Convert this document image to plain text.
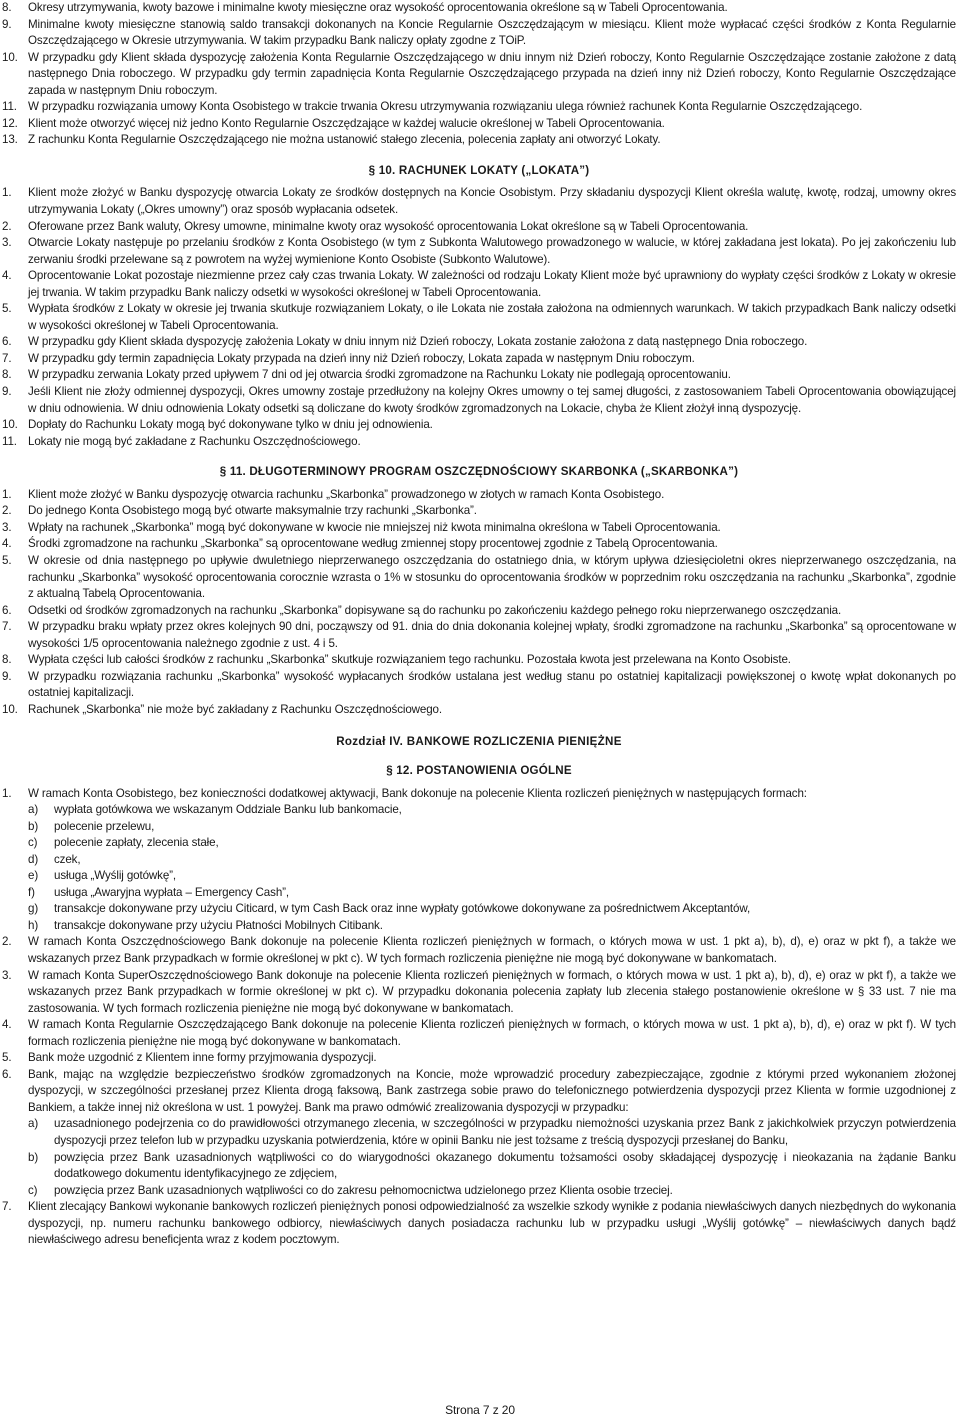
8.	Okresy utrzymywania, kwoty bazowe i minimalne kwoty miesięczne oraz wysokość oprocentowania określone są w Tabeli Oprocentowania.
9.	Minimalne kwoty miesięczne stanowią saldo transakcji dokonanych na Koncie Regularnie Oszczędzającym w miesiącu. Klient może wypłacać części środków z Konta Regularnie Oszczędzającego w Okresie utrzymywania. W takim przypadku Bank naliczy opłaty zgodne z TOiP.
10. W przypadku gdy Klient składa dyspozycję założenia Konta Regularnie Oszczędzającego w dniu innym niż Dzień roboczy, Konto Regularnie Oszczędzające zostanie założone z datą następnego Dnia roboczego. W przypadku gdy termin zapadnięcia Konta Regularnie Oszczędzającego przypada na dzień inny niż Dzień roboczy, Konto Regularnie Oszczędzające zapada w następnym Dniu roboczym.
11. W przypadku rozwiązania umowy Konta Osobistego w trakcie trwania Okresu utrzymywania rozwiązaniu ulega również rachunek Konta Regularnie Oszczędzającego.
12. Klient może otworzyć więcej niż jedno Konto Regularnie Oszczędzające w każdej walucie określonej w Tabeli Oprocentowania.
13. Z rachunku Konta Regularnie Oszczędzającego nie można ustanowić stałego zlecenia, polecenia zapłaty ani otworzyć Lokaty.
§ 10. RACHUNEK LOKATY („LOKATA”)
1.	Klient może złożyć w Banku dyspozycję otwarcia Lokaty ze środków dostępnych na Koncie Osobistym. Przy składaniu dyspozycji Klient określa walutę, kwotę, rodzaj, umowny okres utrzymywania Lokaty („Okres umowny”) oraz sposób wypłacania odsetek.
2.	Oferowane przez Bank waluty, Okresy umowne, minimalne kwoty oraz wysokość oprocentowania Lokat określone są w Tabeli Oprocentowania.
3.	Otwarcie Lokaty następuje po przelaniu środków z Konta Osobistego (w tym z Subkonta Walutowego prowadzonego w walucie, w której zakładana jest lokata). Po jej zakończeniu lub zerwaniu środki przelewane są z powrotem na wyżej wymienione Konto Osobiste (Subkonto Walutowe).
4.	Oprocentowanie Lokat pozostaje niezmienne przez cały czas trwania Lokaty. W zależności od rodzaju Lokaty Klient może być uprawniony do wypłaty części środków z Lokaty w okresie jej trwania. W takim przypadku Bank naliczy odsetki w wysokości określonej w Tabeli Oprocentowania.
5.	Wypłata środków z Lokaty w okresie jej trwania skutkuje rozwiązaniem Lokaty, o ile Lokata nie została założona na odmiennych warunkach. W takich przypadkach Bank naliczy odsetki w wysokości określonej w Tabeli Oprocentowania.
6.	W przypadku gdy Klient składa dyspozycję założenia Lokaty w dniu innym niż Dzień roboczy, Lokata zostanie założona z datą następnego Dnia roboczego.
7.	W przypadku gdy termin zapadnięcia Lokaty przypada na dzień inny niż Dzień roboczy, Lokata zapada w następnym Dniu roboczym.
8.	W przypadku zerwania Lokaty przed upływem 7 dni od jej otwarcia środki zgromadzone na Rachunku Lokaty nie podlegają oprocentowaniu.
9.	Jeśli Klient nie złoży odmiennej dyspozycji, Okres umowny zostaje przedłużony na kolejny Okres umowny o tej samej długości, z zastosowaniem Tabeli Oprocentowania obowiązującej w dniu odnowienia. W dniu odnowienia Lokaty odsetki są doliczane do kwoty środków zgromadzonych na Lokacie, chyba że Klient złożył inną dyspozycję.
10. Dopłaty do Rachunku Lokaty mogą być dokonywane tylko w dniu jej odnowienia.
11. Lokaty nie mogą być zakładane z Rachunku Oszczędnościowego.
§ 11. DŁUGOTERMINOWY PROGRAM OSZCZĘDNOŚCIOWY SKARBONKA („SKARBONKA”)
1.	Klient może złożyć w Banku dyspozycję otwarcia rachunku „Skarbonka” prowadzonego w złotych w ramach Konta Osobistego.
2.	Do jednego Konta Osobistego mogą być otwarte maksymalnie trzy rachunki „Skarbonka”.
3.	Wpłaty na rachunek „Skarbonka” mogą być dokonywane w kwocie nie mniejszej niż kwota minimalna określona w Tabeli Oprocentowania.
4.	Środki zgromadzone na rachunku „Skarbonka” są oprocentowane według zmiennej stopy procentowej zgodnie z Tabelą Oprocentowania.
5.	W okresie od dnia następnego po upływie dwuletniego nieprzerwanego oszczędzania do ostatniego dnia, w którym upływa dziesięcioletni okres nieprzerwanego oszczędzania, na rachunku „Skarbonka” wysokość oprocentowania corocznie wzrasta o 1% w stosunku do oprocentowania środków w poprzednim roku oszczędzania na rachunku „Skarbonka”, zgodnie z aktualną Tabelą Oprocentowania.
6.	Odsetki od środków zgromadzonych na rachunku „Skarbonka” dopisywane są do rachunku po zakończeniu każdego pełnego roku nieprzerwanego oszczędzania.
7.	W przypadku braku wpłaty przez okres kolejnych 90 dni, począwszy od 91. dnia do dnia dokonania kolejnej wpłaty, środki zgromadzone na rachunku „Skarbonka” są oprocentowane w wysokości 1/5 oprocentowania należnego zgodnie z ust. 4 i 5.
8.	Wypłata części lub całości środków z rachunku „Skarbonka” skutkuje rozwiązaniem tego rachunku. Pozostała kwota jest przelewana na Konto Osobiste.
9.	W przypadku rozwiązania rachunku „Skarbonka” wysokość wypłacanych środków ustalana jest według stanu po ostatniej kapitalizacji powiększonej o kwotę wpłat dokonanych po ostatniej kapitalizacji.
10. Rachunek „Skarbonka” nie może być zakładany z Rachunku Oszczędnościowego.
Rozdział IV. BANKOWE ROZLICZENIA PIENIĘŻNE
§ 12. POSTANOWIENIA OGÓLNE
1.	W ramach Konta Osobistego, bez konieczności dodatkowej aktywacji, Bank dokonuje na polecenie Klienta rozliczeń pieniężnych w następujących formach:
a)	wypłata gotówkowa we wskazanym Oddziale Banku lub bankomacie,
b)	polecenie przelewu,
c)	polecenie zapłaty, zlecenia stałe,
d)	czek,
e)	usługa „Wyślij gotówkę”,
f)	usługa „Awaryjna wypłata – Emergency Cash”,
g)	transakcje dokonywane przy użyciu Citicard, w tym Cash Back oraz inne wypłaty gotówkowe dokonywane za pośrednictwem Akceptantów,
h)	transakcje dokonywane przy użyciu Płatności Mobilnych Citibank.
2.	W ramach Konta Oszczędnościowego Bank dokonuje na polecenie Klienta rozliczeń pieniężnych w formach, o których mowa w ust. 1 pkt a), b), d), e) oraz w pkt f), a także we wskazanych przez Bank przypadkach w formie określonej w pkt c). W tych formach rozliczenia pieniężne nie mogą być dokonywane w bankomatach.
3.	W ramach Konta SuperOszczędnościowego Bank dokonuje na polecenie Klienta rozliczeń pieniężnych w formach, o których mowa w ust. 1 pkt a), b), d), e) oraz w pkt f), a także we wskazanych przez Bank przypadkach w formie określonej w pkt c). W przypadku dokonania polecenia zapłaty lub zlecenia stałego postanowienie określone w § 33 ust. 7 nie ma zastosowania. W tych formach rozliczenia pieniężne nie mogą być dokonywane w bankomatach.
4.	W ramach Konta Regularnie Oszczędzającego Bank dokonuje na polecenie Klienta rozliczeń pieniężnych w formach, o których mowa w ust. 1 pkt a), b), d), e) oraz w pkt f). W tych formach rozliczenia pieniężne nie mogą być dokonywane w bankomatach.
5.	Bank może uzgodnić z Klientem inne formy przyjmowania dyspozycji.
6.	Bank, mając na względzie bezpieczeństwo środków zgromadzonych na Koncie, może wprowadzić procedury zabezpieczające, zgodnie z którymi przed wykonaniem złożonej dyspozycji, w szczególności przesłanej przez Klienta drogą faksową, Bank zastrzega sobie prawo do telefonicznego potwierdzenia dyspozycji przez Klienta w formie uzgodnionej z Bankiem, a także innej niż określona w ust. 1 powyżej. Bank ma prawo odmówić zrealizowania dyspozycji w przypadku:
a)	uzasadnionego podejrzenia co do prawidłowości otrzymanego zlecenia, w szczególności w przypadku niemożności uzyskania przez Bank z jakichkolwiek przyczyn potwierdzenia dyspozycji przez telefon lub w przypadku uzyskania potwierdzenia, które w opinii Banku nie jest tożsame z treścią dyspozycji przesłanej do Banku,
b)	powzięcia przez Bank uzasadnionych wątpliwości co do wiarygodności okazanego dokumentu tożsamości osoby składającej dyspozycję i nieokazania na żądanie Banku dodatkowego dokumentu identyfikacyjnego ze zdjęciem,
c)	powzięcia przez Bank uzasadnionych wątpliwości co do zakresu pełnomocnictwa udzielonego przez Klienta osobie trzeciej.
7.	Klient zlecający Bankowi wykonanie bankowych rozliczeń pieniężnych ponosi odpowiedzialność za wszelkie szkody wynikłe z podania niewłaściwych danych niezbędnych do wykonania dyspozycji, np. numeru rachunku bankowego odbiorcy, niewłaściwych danych posiadacza rachunku lub w przypadku usługi „Wyślij gotówkę” – niewłaściwych danych bądź niewłaściwego adresu beneficjenta wraz z kodem pocztowym.
Strona 7 z 20
